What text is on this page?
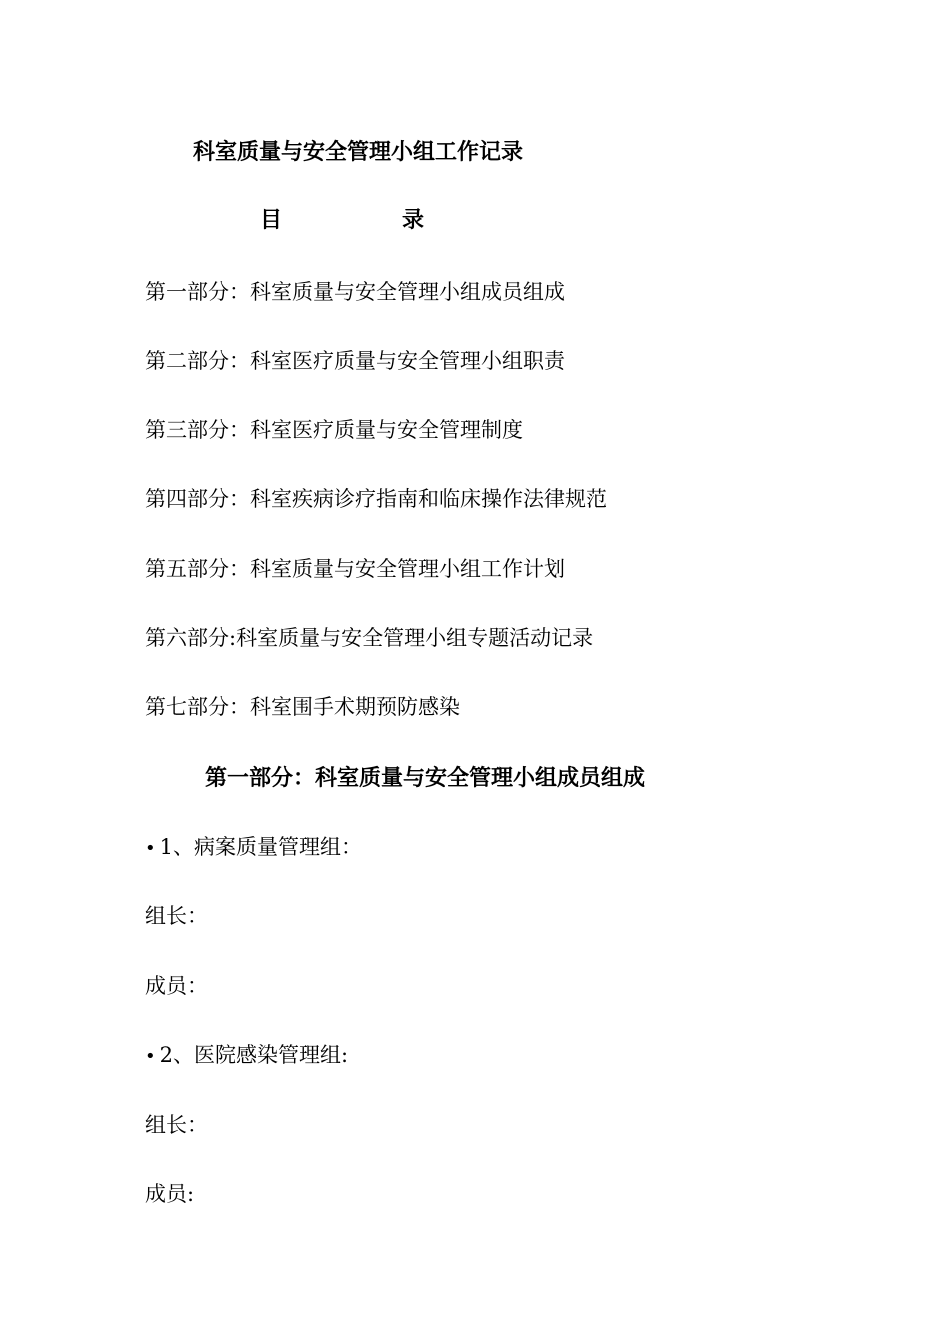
科室质量与安全管理小组工作记录
目	录
第一部分：科室质量与安全管理小组成员组成
第二部分：科室医疗质量与安全管理小组职责
第三部分：科室医疗质量与安全管理制度
第四部分：科室疾病诊疗指南和临床操作法律规范
第五部分：科室质量与安全管理小组工作计划
第六部分:科室质量与安全管理小组专题活动记录
第七部分：科室围手术期预防感染
第一部分：科室质量与安全管理小组成员组成
• 1、病案质量管理组：
组长：
成员：
• 2、医院感染管理组:
组长：
成员:
